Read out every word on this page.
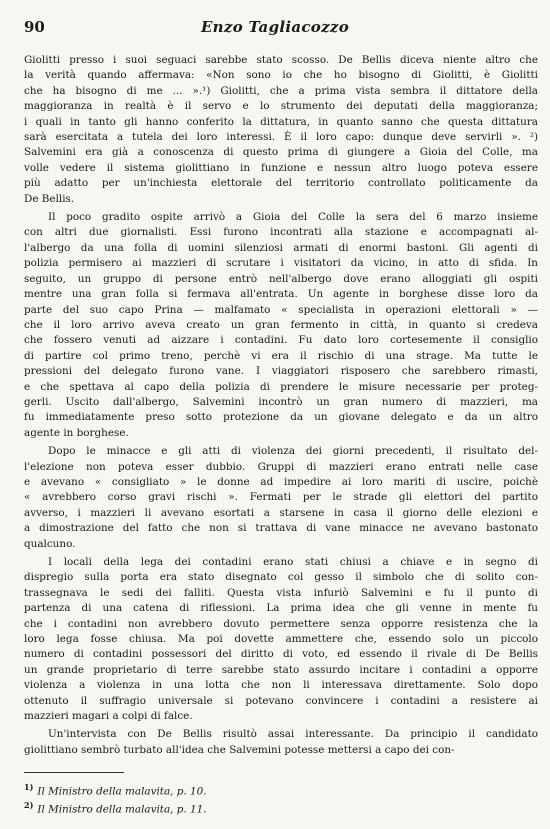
90	Enzo Tagliacozzo

Giolitti presso i suoi seguaci sarebbe stato scosso. De Bellis diceva niente altro che
la verità quando affermava: «Non sono io che ho bisogno di Giolitti, è Giolitti
che ha bisogno di me ... ».¹) Giolitti, che a prima vista sembra il dittatore della
maggioranza in realtà è il servo e lo strumento dei deputati della maggioranza;
i quali in tanto gli hanno conferito la dittatura, in quanto sanno che questa dittatura
sarà esercitata a tutela dei loro interessi. È il loro capo: dunque deve servirli ». ²)
Salvemini era già a conoscenza di questo prima di giungere a Gioia del Colle, ma
volle vedere il sistema giolittiano in funzione e nessun altro luogo poteva essere
più adatto per un'inchiesta elettorale del territorio controllato politicamente da
De Bellis.

Il poco gradito ospite arrivò a Gioia del Colle la sera del 6 marzo insieme
con altri due giornalisti. Essi furono incontrati alla stazione e accompagnati al-
l'albergo da una folla di uomini silenziosi armati di enormi bastoni. Gli agenti di
polizia permisero ai mazzieri di scrutare i visitatori da vicino, in atto di sfida. In
seguito, un gruppo di persone entrò nell'albergo dove erano alloggiati gli ospiti
mentre una gran folla si fermava all'entrata. Un agente in borghese disse loro da
parte del suo capo Prina — malfamato « specialista in operazioni elettorali » —
che il loro arrivo aveva creato un gran fermento in città, in quanto si credeva
che fossero venuti ad aizzare i contadini. Fu dato loro cortesemente il consiglio
di partire col primo treno, perchè vi era il rischio di una strage. Ma tutte le
pressioni del delegato furono vane. I viaggiatori risposero che sarebbero rimasti,
e che spettava al capo della polizia di prendere le misure necessarie per proteg-
gerli. Uscito dall'albergo, Salvemini incontrò un gran numero di mazzieri, ma
fu immediatamente preso sotto protezione da un giovane delegato e da un altro
agente in borghese.

Dopo le minacce e gli atti di violenza dei giorni precedenti, il risultato del-
l'elezione non poteva esser dubbio. Gruppi di mazzieri erano entrati nelle case
e avevano « consigliato » le donne ad impedire ai loro mariti di uscire, poichè
« avrebbero corso gravi rischi ». Fermati per le strade gli elettori del partito
avverso, i mazzieri li avevano esortati a starsene in casa il giorno delle elezioni e
a dimostrazione del fatto che non si trattava di vane minacce ne avevano bastonato
qualcuno.

I locali della lega dei contadini erano stati chiusi a chiave e in segno di
dispregio sulla porta era stato disegnato col gesso il simbolo che di solito con-
trassegnava le sedi dei falliti. Questa vista infuriò Salvemini e fu il punto di
partenza di una catena di riflessioni. La prima idea che gli venne in mente fu
che i contadini non avrebbero dovuto permettere senza opporre resistenza che la
loro lega fosse chiusa. Ma poi dovette ammettere che, essendo solo un piccolo
numero di contadini possessori del diritto di voto, ed essendo il rivale di De Bellis
un grande proprietario di terre sarebbe stato assurdo incitare i contadini a opporre
violenza a violenza in una lotta che non li interessava direttamente. Solo dopo
ottenuto il suffragio universale si potevano convincere i contadini a resistere ai
mazzieri magari a colpi di falce.

Un'intervista con De Bellis risultò assai interessante. Da principio il candidato
giolittiano sembrò turbato all'idea che Salvemini potesse mettersi a capo dei con-

$^{1)}$ Il Ministro della malavita, p. 10.
$^{2)}$ Il Ministro della malavita, p. 11.
